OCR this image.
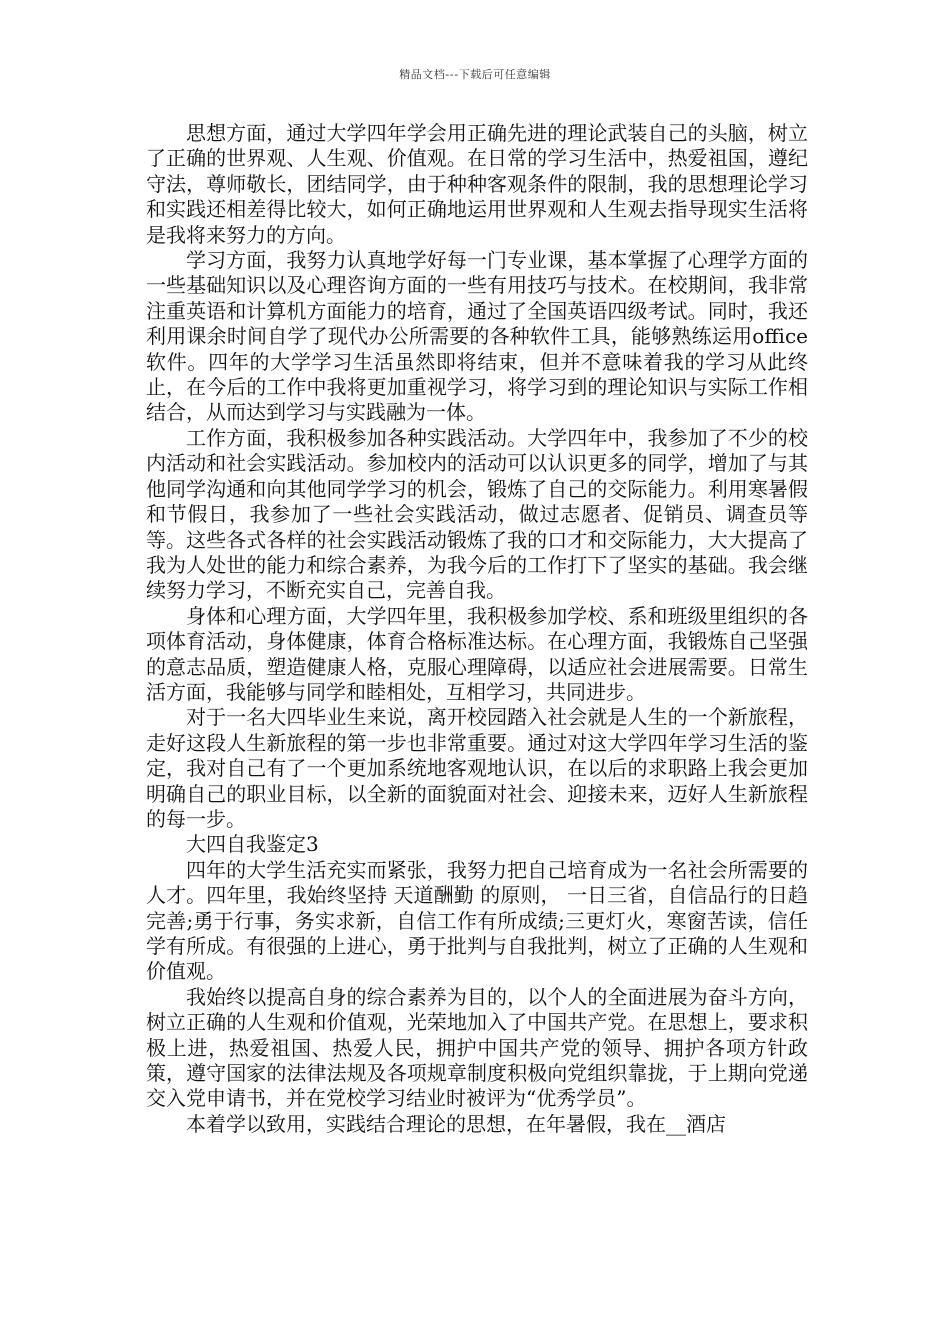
精品文档---下载后可任意编辑

思想方面，通过大学四年学会用正确先进的理论武装自己的头脑，树立了正确的世界观、人生观、价值观。在日常的学习生活中，热爱祖国，遵纪守法，尊师敬长，团结同学，由于种种客观条件的限制，我的思想理论学习和实践还相差得比较大，如何正确地运用世界观和人生观去指导现实生活将是我将来努力的方向。

学习方面，我努力认真地学好每一门专业课，基本掌握了心理学方面的一些基础知识以及心理咨询方面的一些有用技巧与技术。在校期间，我非常注重英语和计算机方面能力的培育，通过了全国英语四级考试。同时，我还利用课余时间自学了现代办公所需要的各种软件工具，能够熟练运用office软件。四年的大学学习生活虽然即将结束，但并不意味着我的学习从此终止，在今后的工作中我将更加重视学习，将学习到的理论知识与实际工作相结合，从而达到学习与实践融为一体。

工作方面，我积极参加各种实践活动。大学四年中，我参加了不少的校内活动和社会实践活动。参加校内的活动可以认识更多的同学，增加了与其他同学沟通和向其他同学学习的机会，锻炼了自己的交际能力。利用寒暑假和节假日，我参加了一些社会实践活动，做过志愿者、促销员、调查员等等。这些各式各样的社会实践活动锻炼了我的口才和交际能力，大大提高了我为人处世的能力和综合素养，为我今后的工作打下了坚实的基础。我会继续努力学习，不断充实自己，完善自我。

身体和心理方面，大学四年里，我积极参加学校、系和班级里组织的各项体育活动，身体健康，体育合格标准达标。在心理方面，我锻炼自己坚强的意志品质，塑造健康人格，克服心理障碍，以适应社会进展需要。日常生活方面，我能够与同学和睦相处，互相学习，共同进步。

对于一名大四毕业生来说，离开校园踏入社会就是人生的一个新旅程，走好这段人生新旅程的第一步也非常重要。通过对这大学四年学习生活的鉴定，我对自己有了一个更加系统地客观地认识，在以后的求职路上我会更加明确自己的职业目标，以全新的面貌面对社会、迎接未来，迈好人生新旅程的每一步。

大四自我鉴定3

四年的大学生活充实而紧张，我努力把自己培育成为一名社会所需要的人才。四年里，我始终坚持 天道酬勤 的原则， 一日三省，自信品行的日趋完善;勇于行事，务实求新，自信工作有所成绩;三更灯火，寒窗苦读，信任学有所成。有很强的上进心，勇于批判与自我批判，树立了正确的人生观和价值观。

我始终以提高自身的综合素养为目的，以个人的全面进展为奋斗方向，树立正确的人生观和价值观，光荣地加入了中国共产党。在思想上，要求积极上进，热爱祖国、热爱人民，拥护中国共产党的领导、拥护各项方针政策，遵守国家的法律法规及各项规章制度积极向党组织靠拢，于上期向党递交入党申请书，并在党校学习结业时被评为“优秀学员”。

本着学以致用，实践结合理论的思想，在年暑假，我在__酒店
